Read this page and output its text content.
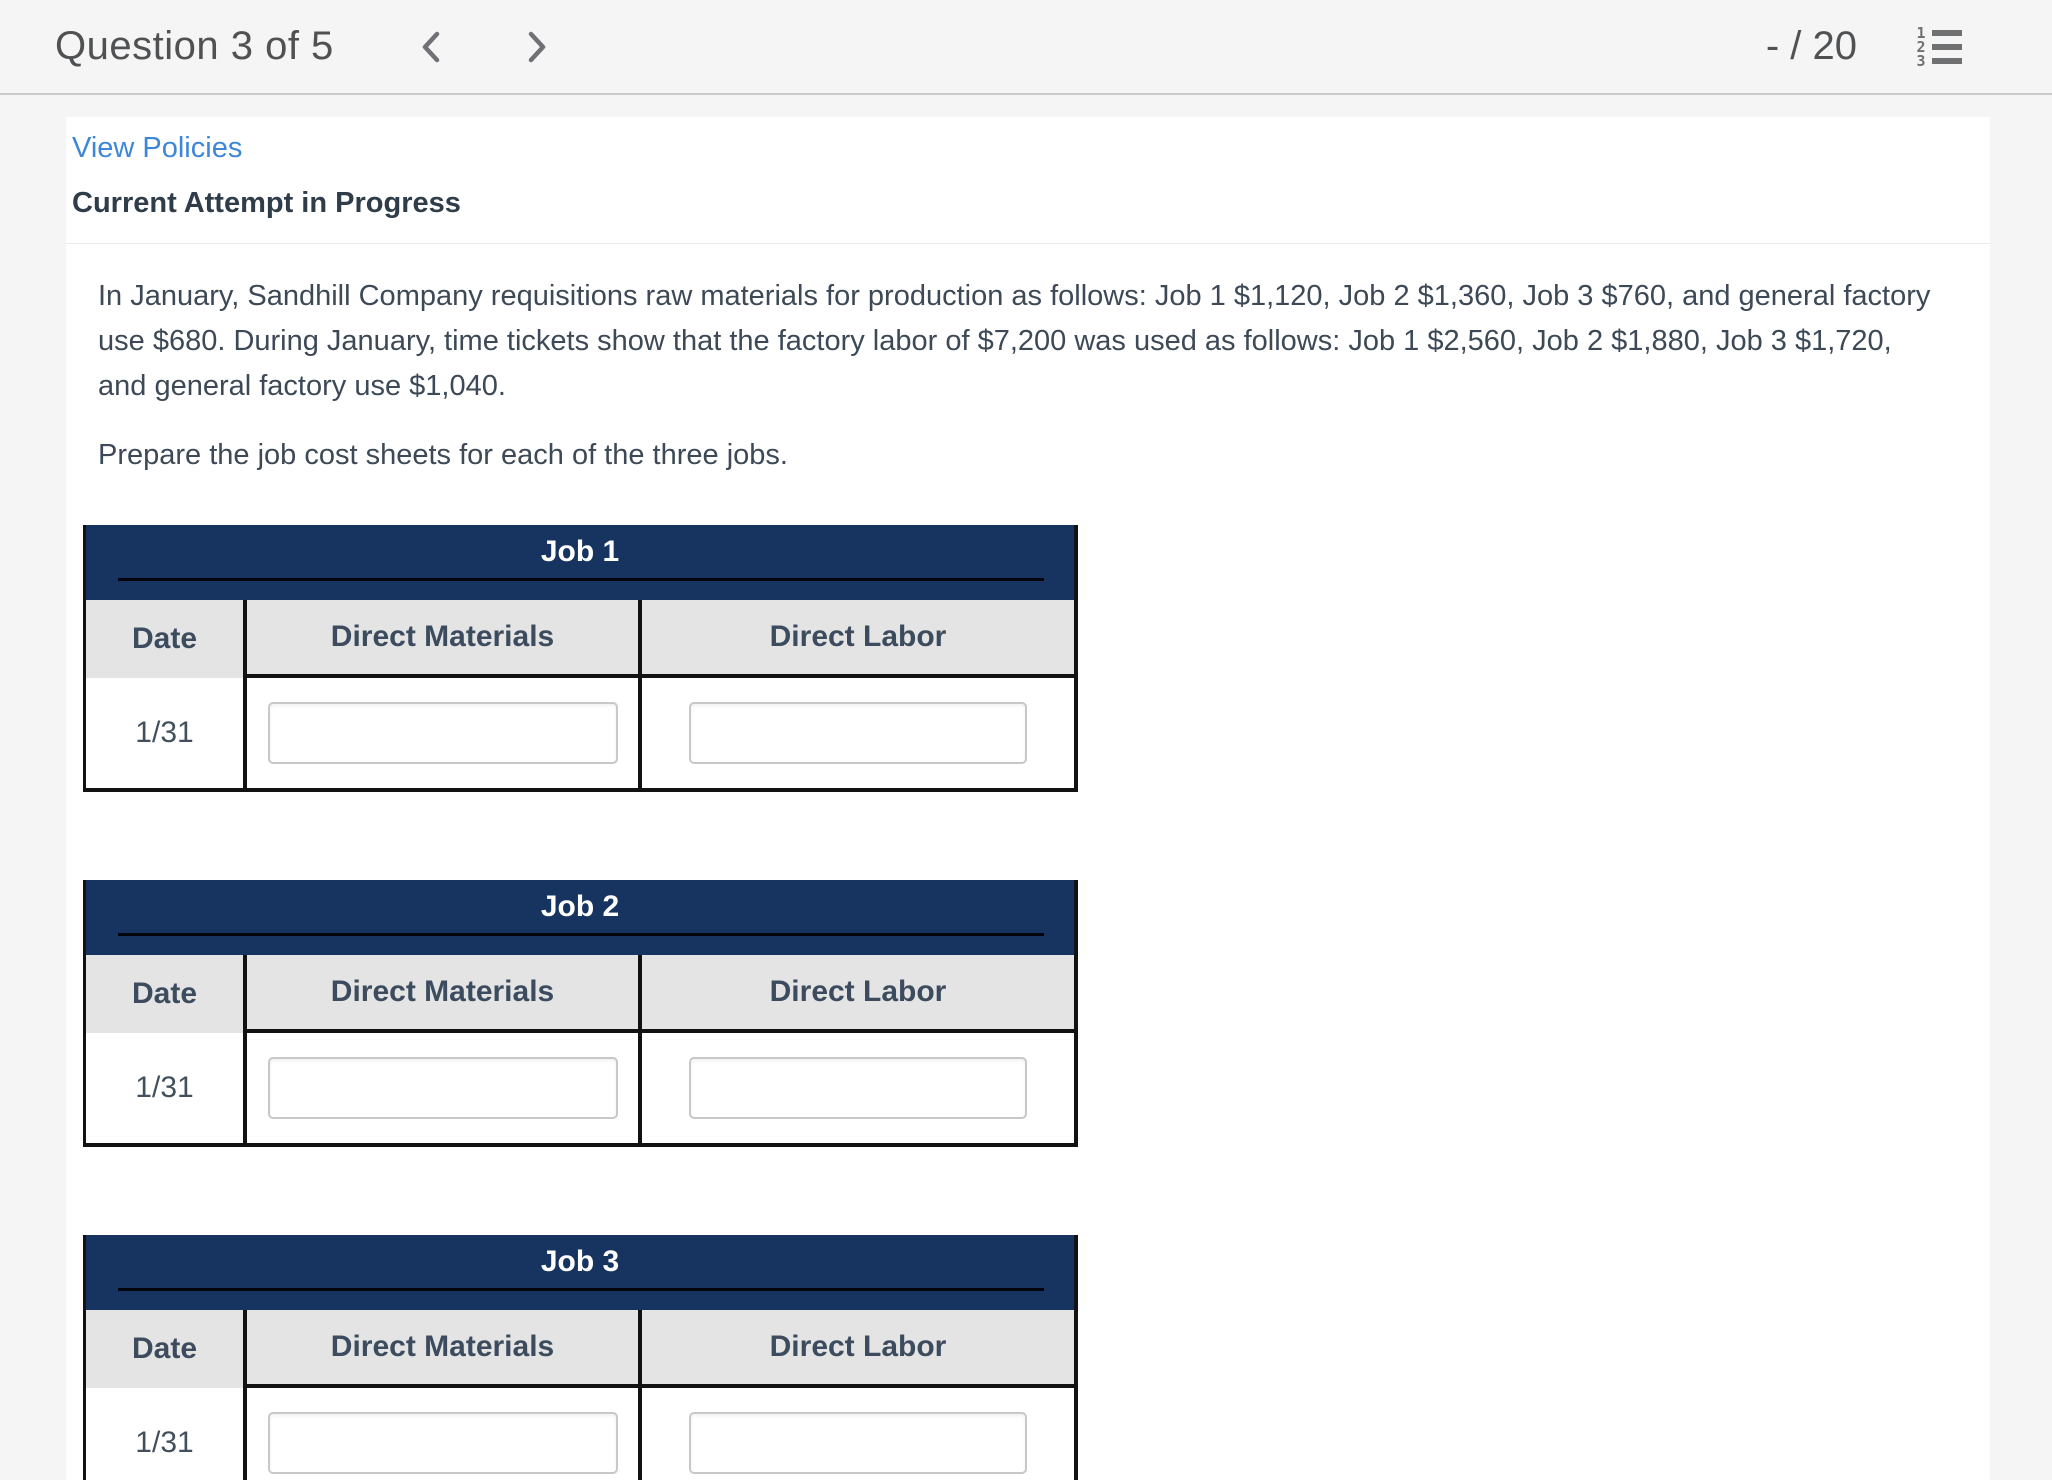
Question 3 of 5	- / 20	1
2
3
View Policies
Current Attempt in Progress

In January, Sandhill Company requisitions raw materials for production as follows: Job 1 $1,120, Job 2 $1,360, Job 3 $760, and general factory use $680. During January, time tickets show that the factory labor of $7,200 was used as follows: Job 1 $2,560, Job 2 $1,880, Job 3 $1,720, and general factory use $1,040.

Prepare the job cost sheets for each of the three jobs.

Job 1
Date	Direct Materials	Direct Labor
1/31
Job 2
Date	Direct Materials	Direct Labor
1/31
Job 3
Date	Direct Materials	Direct Labor
1/31
